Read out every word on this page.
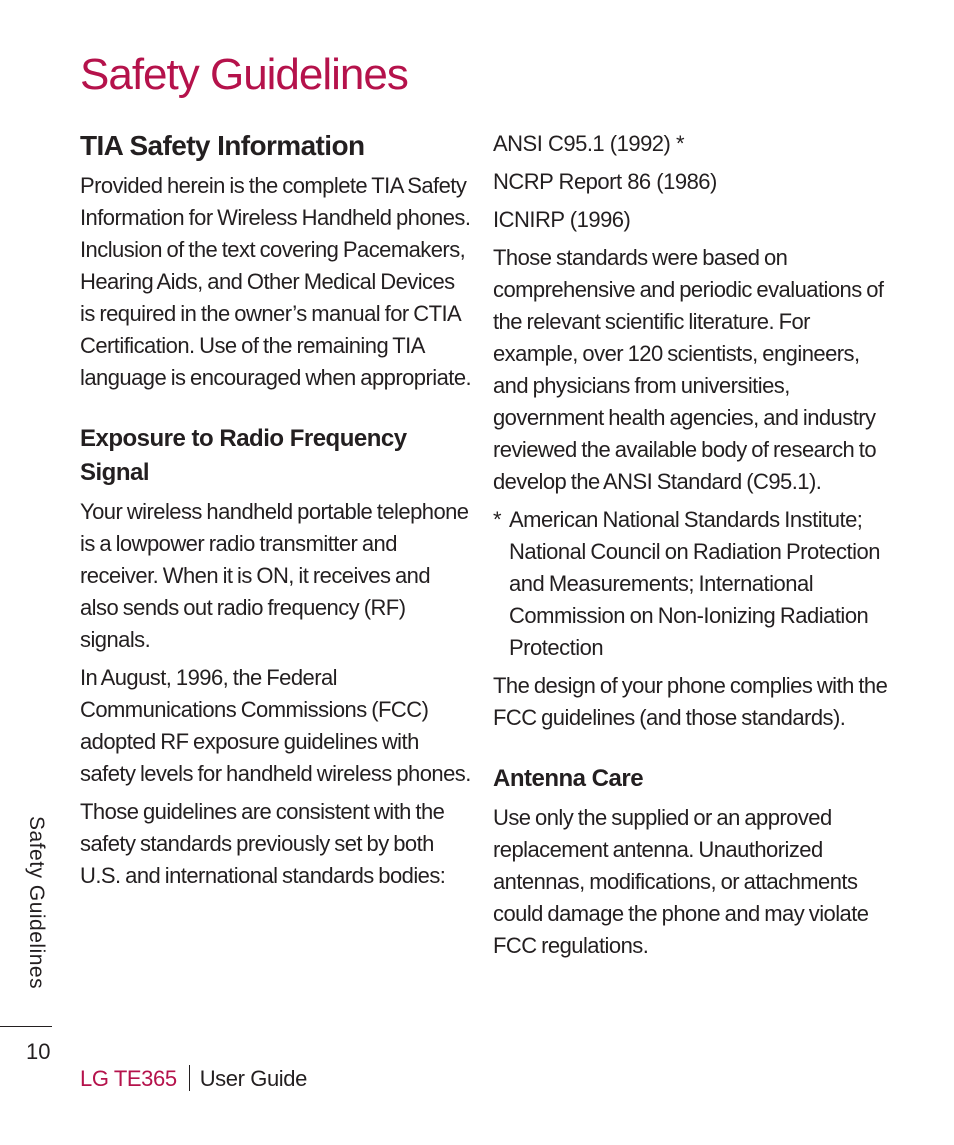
Safety Guidelines
TIA Safety Information

Provided herein is the complete TIA Safety Information for Wireless Handheld phones. Inclusion of the text covering Pacemakers, Hearing Aids, and Other Medical Devices is required in the owner’s manual for CTIA Certification. Use of the remaining TIA language is encouraged when appropriate.

Exposure to Radio Frequency Signal

Your wireless handheld portable telephone is a lowpower radio transmitter and receiver. When it is ON, it receives and also sends out radio frequency (RF) signals.

In August, 1996, the Federal Communications Commissions (FCC) adopted RF exposure guidelines with safety levels for handheld wireless phones.

Those guidelines are consistent with the safety standards previously set by both U.S. and international standards bodies:

ANSI C95.1 (1992) *

NCRP Report 86 (1986)

ICNIRP (1996)

Those standards were based on comprehensive and periodic evaluations of the relevant scientific literature. For example, over 120 scientists, engineers, and physicians from universities, government health agencies, and industry reviewed the available body of research to develop the ANSI Standard (C95.1).

* American National Standards Institute; National Council on Radiation Protection and Measurements; International Commission on Non-Ionizing Radiation Protection

The design of your phone complies with the FCC guidelines (and those standards).

Antenna Care

Use only the supplied or an approved replacement antenna. Unauthorized antennas, modifications, or attachments could damage the phone and may violate FCC regulations.

Safety Guidelines
10
LG TE365 User Guide
